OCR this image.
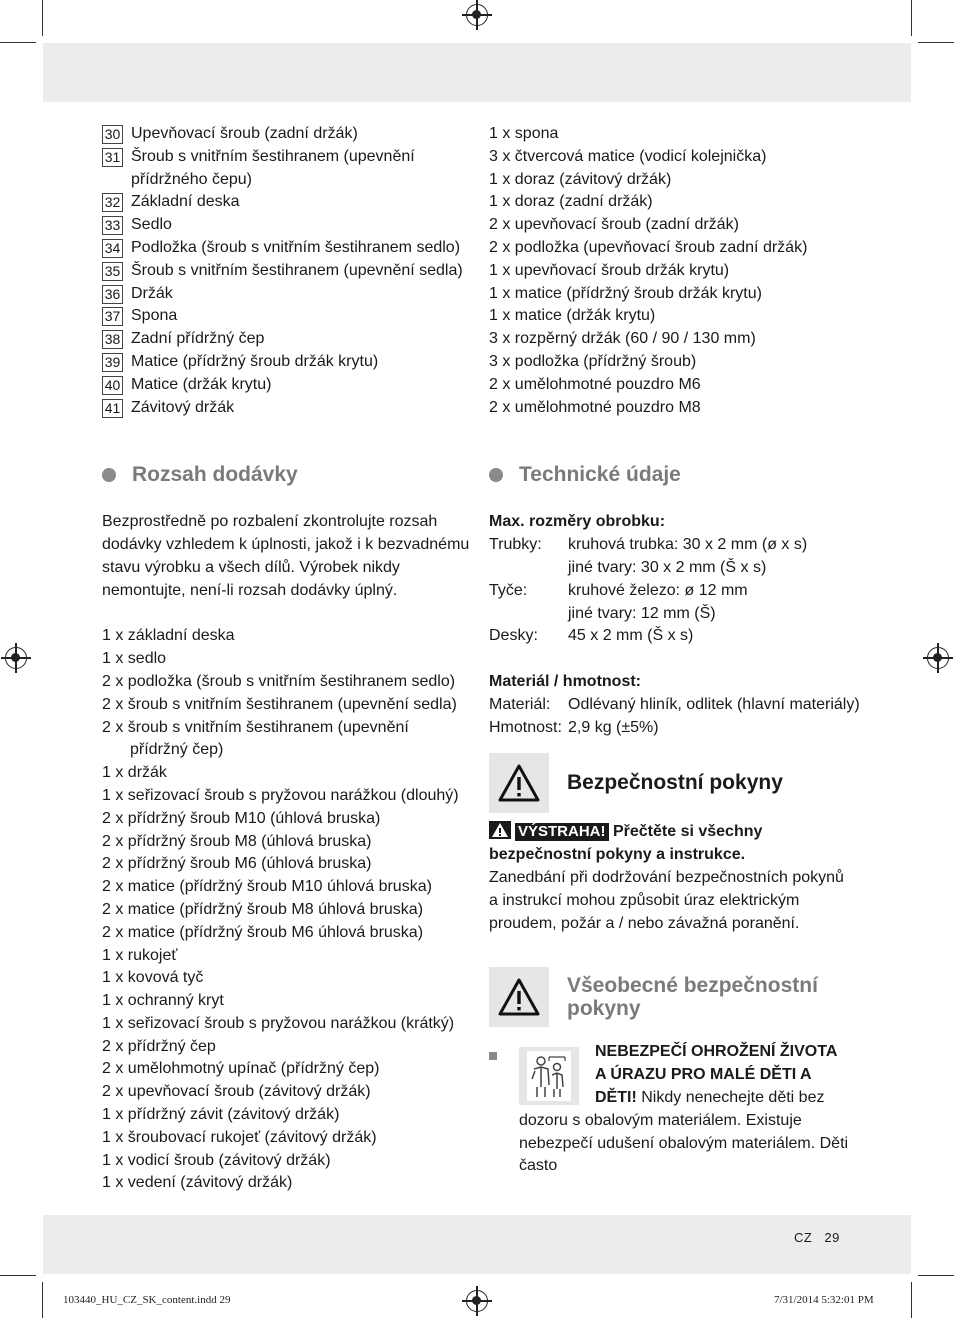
30 Upevňovací šroub (zadní držák)
31 Šroub s vnitřním šestihranem (upevnění
přídržného čepu)
32 Základní deska
33 Sedlo
34 Podložka (šroub s vnitřním šestihranem sedlo)
35 Šroub s vnitřním šestihranem (upevnění sedla)
36 Držák
37 Spona
38 Zadní přídržný čep
39 Matice (přídržný šroub držák krytu)
40 Matice (držák krytu)
41 Závitový držák
Rozsah dodávky
Bezprostředně po rozbalení zkontrolujte rozsah
dodávky vzhledem k úplnosti, jakož i k bezvadnému
stavu výrobku a všech dílů. Výrobek nikdy
nemontujte, není-li rozsah dodávky úplný.
1 x základní deska
1 x sedlo
2 x podložka (šroub s vnitřním šestihranem sedlo)
2 x šroub s vnitřním šestihranem (upevnění sedla)
2 x šroub s vnitřním šestihranem (upevnění
přídržný čep)
1 x držák
1 x seřizovací šroub s pryžovou narážkou (dlouhý)
2 x přídržný šroub M10 (úhlová bruska)
2 x přídržný šroub M8 (úhlová bruska)
2 x přídržný šroub M6 (úhlová bruska)
2 x matice (přídržný šroub M10 úhlová bruska)
2 x matice (přídržný šroub M8 úhlová bruska)
2 x matice (přídržný šroub M6 úhlová bruska)
1 x rukojeť
1 x kovová tyč
1 x ochranný kryt
1 x seřizovací šroub s pryžovou narážkou (krátký)
2 x přídržný čep
2 x umělohmotný upínač (přídržný čep)
2 x upevňovací šroub (závitový držák)
1 x přídržný závit (závitový držák)
1 x šroubovací rukojeť (závitový držák)
1 x vodicí šroub (závitový držák)
1 x vedení (závitový držák)
1 x spona
3 x čtvercová matice (vodicí kolejnička)
1 x doraz (závitový držák)
1 x doraz (zadní držák)
2 x upevňovací šroub (zadní držák)
2 x podložka (upevňovací šroub zadní držák)
1 x upevňovací šroub držák krytu)
1 x matice (přídržný šroub držák krytu)
1 x matice (držák krytu)
3 x rozpěrný držák (60 / 90 / 130 mm)
3 x podložka (přídržný šroub)
2 x umělohmotné pouzdro M6
2 x umělohmotné pouzdro M8
Technické údaje
Max. rozměry obrobku:
Trubky:	kruhová trubka: 30 x 2 mm (ø x s)
jiné tvary: 30 x 2 mm (Š x s)
Tyče:	kruhové železo: ø 12 mm
jiné tvary: 12 mm (Š)
Desky:	45 x 2 mm (Š x s)
Materiál / hmotnost:
Materiál:	Odlévaný hliník, odlitek (hlavní materiály)
Hmotnost: 2,9 kg (±5%)
Bezpečnostní pokyny
VÝSTRAHA! Přečtěte si všechny
bezpečnostní pokyny a instrukce.
Zanedbání při dodržování bezpečnostních pokynů
a instrukcí mohou způsobit úraz elektrickým
proudem, požár a / nebo závažná poranění.
Všeobecné bezpečnostní
pokyny
NEBEZPEČÍ OHROŽENÍ ŽIVOTA
A ÚRAZU PRO MALÉ DĚTI A
DĚTI! Nikdy nenechejte děti bez
dozoru s obalovým materiálem. Existuje
nebezpečí udušení obalovým materiálem. Děti
často
CZ 29
103440_HU_CZ_SK_content.indd 29	7/31/2014 5:32:01 PM
